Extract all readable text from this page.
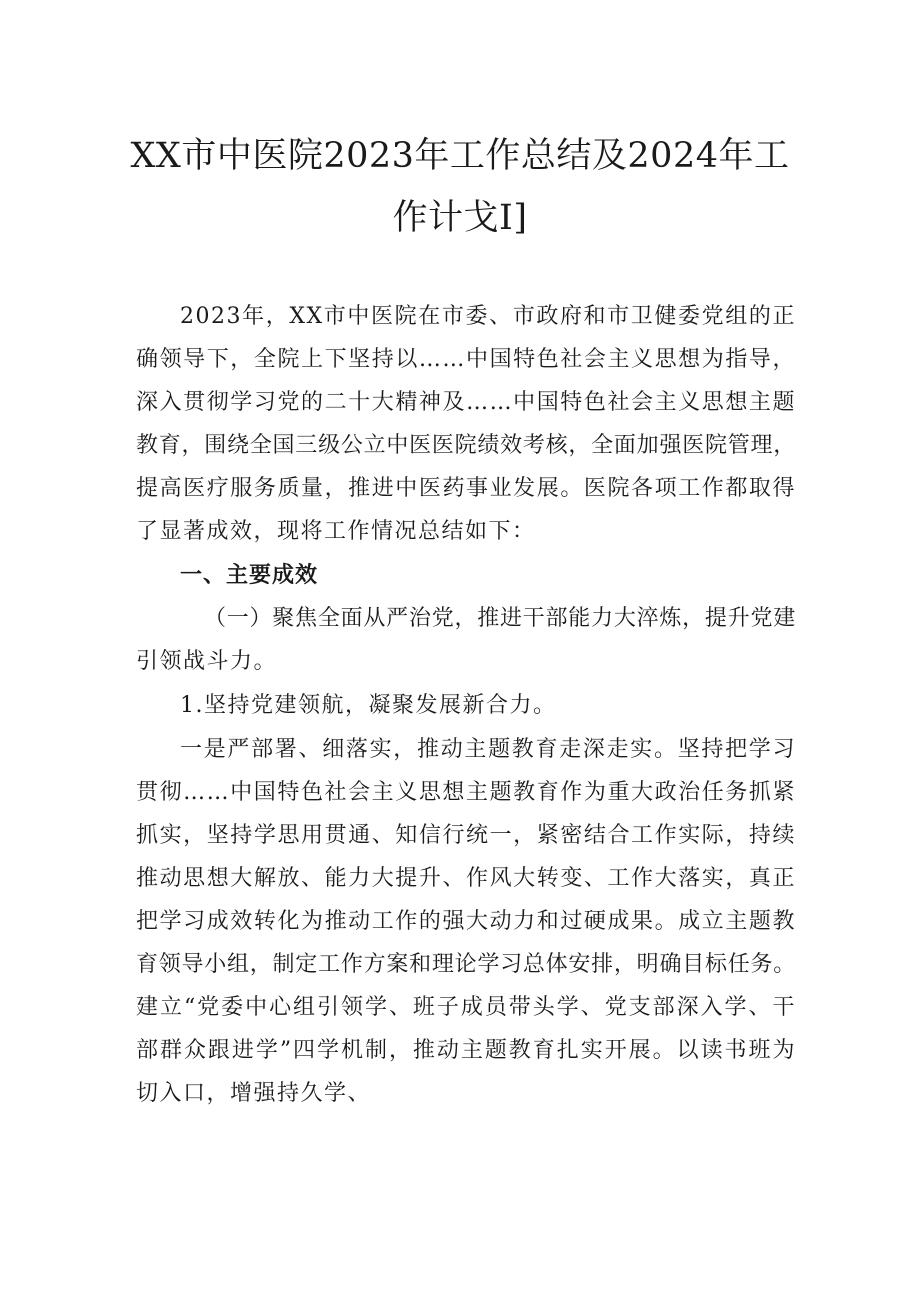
XX市中医院2023年工作总结及2024年工
作计戈I]
2023年，XX市中医院在市委、市政府和市卫健委党组的正
确领导下，全院上下坚持以……中国特色社会主义思想为指导，
深入贯彻学习党的二十大精神及……中国特色社会主义思想主题
教育，围绕全国三级公立中医医院绩效考核，全面加强医院管理，
提高医疗服务质量，推进中医药事业发展。医院各项工作都取得
了显著成效，现将工作情况总结如下：
一、主要成效
（一）聚焦全面从严治党，推进干部能力大淬炼，提升党建
引领战斗力。
1.坚持党建领航，凝聚发展新合力。
一是严部署、细落实，推动主题教育走深走实。坚持把学习
贯彻……中国特色社会主义思想主题教育作为重大政治任务抓紧
抓实，坚持学思用贯通、知信行统一，紧密结合工作实际，持续
推动思想大解放、能力大提升、作风大转变、工作大落实，真正
把学习成效转化为推动工作的强大动力和过硬成果。成立主题教
育领导小组，制定工作方案和理论学习总体安排，明确目标任务。
建立“党委中心组引领学、班子成员带头学、党支部深入学、干
部群众跟进学”四学机制，推动主题教育扎实开展。以读书班为
切入口，增强持久学、
